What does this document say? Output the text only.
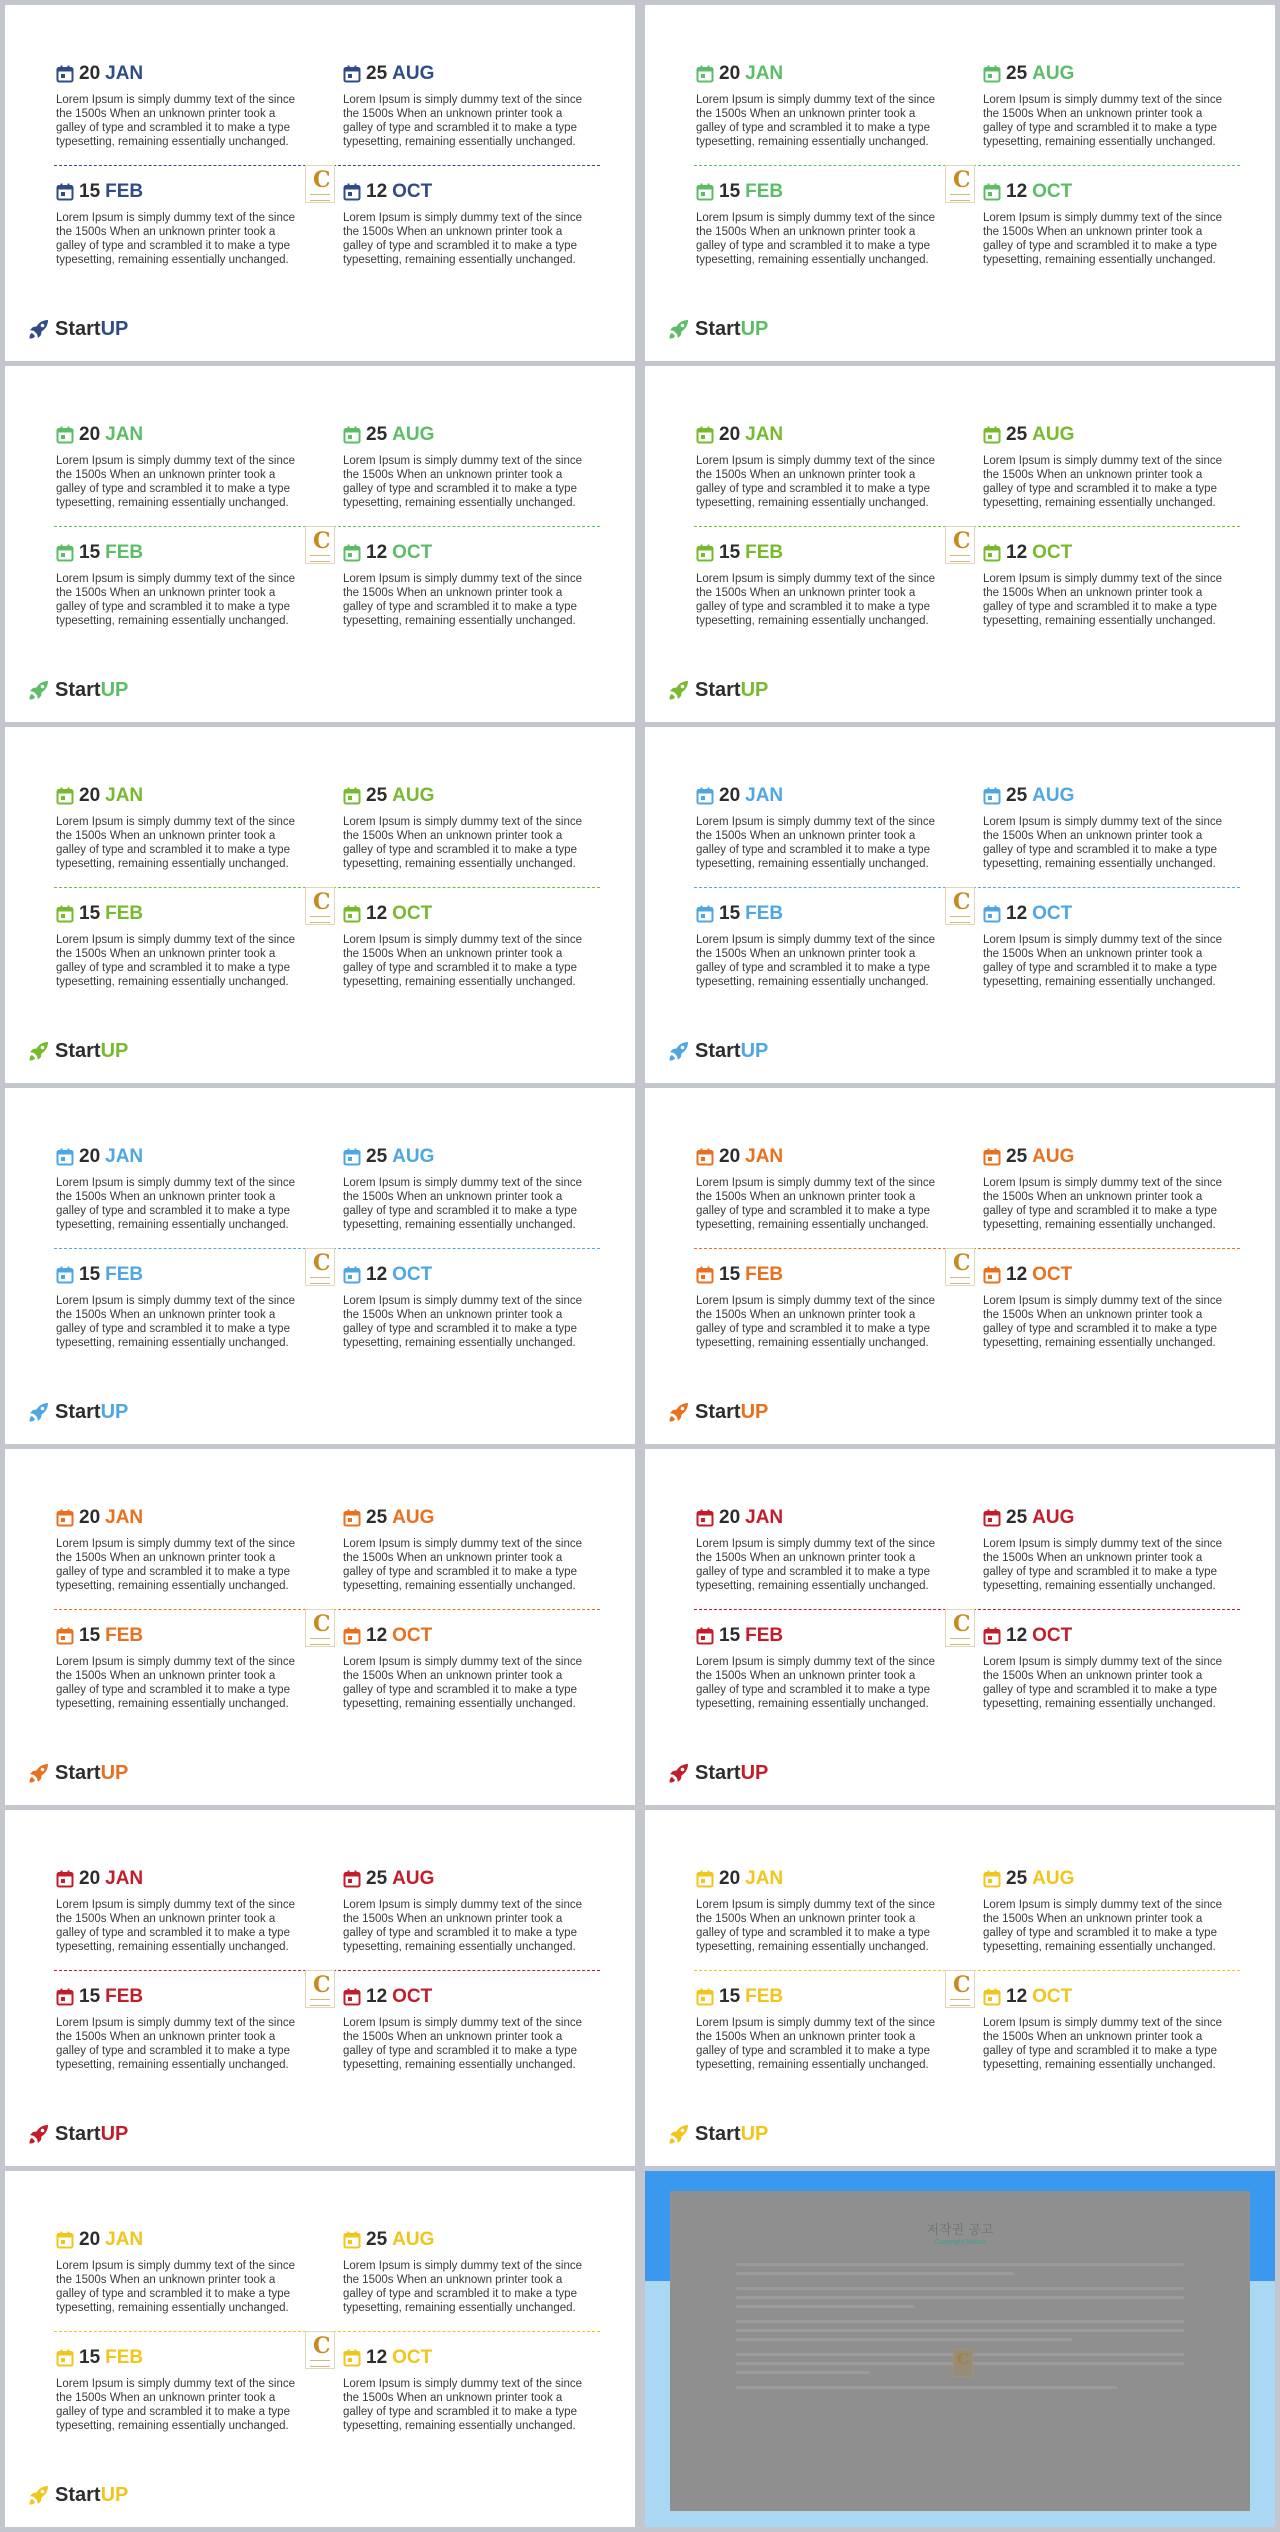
20 JAN
Lorem Ipsum is simply dummy text of the since the 1500s When an unknown printer took a galley of type and scrambled it to make a type typesetting, remaining essentially unchanged.
25 AUG
Lorem Ipsum is simply dummy text of the since the 1500s When an unknown printer took a galley of type and scrambled it to make a type typesetting, remaining essentially unchanged.
C
15 FEB
Lorem Ipsum is simply dummy text of the since the 1500s When an unknown printer took a galley of type and scrambled it to make a type typesetting, remaining essentially unchanged.
12 OCT
Lorem Ipsum is simply dummy text of the since the 1500s When an unknown printer took a galley of type and scrambled it to make a type typesetting, remaining essentially unchanged.
Start UP
20 JAN
Lorem Ipsum is simply dummy text of the since the 1500s When an unknown printer took a galley of type and scrambled it to make a type typesetting, remaining essentially unchanged.
25 AUG
Lorem Ipsum is simply dummy text of the since the 1500s When an unknown printer took a galley of type and scrambled it to make a type typesetting, remaining essentially unchanged.
C
15 FEB
Lorem Ipsum is simply dummy text of the since the 1500s When an unknown printer took a galley of type and scrambled it to make a type typesetting, remaining essentially unchanged.
12 OCT
Lorem Ipsum is simply dummy text of the since the 1500s When an unknown printer took a galley of type and scrambled it to make a type typesetting, remaining essentially unchanged.
Start UP
20 JAN
Lorem Ipsum is simply dummy text of the since the 1500s When an unknown printer took a galley of type and scrambled it to make a type typesetting, remaining essentially unchanged.
25 AUG
Lorem Ipsum is simply dummy text of the since the 1500s When an unknown printer took a galley of type and scrambled it to make a type typesetting, remaining essentially unchanged.
C
15 FEB
Lorem Ipsum is simply dummy text of the since the 1500s When an unknown printer took a galley of type and scrambled it to make a type typesetting, remaining essentially unchanged.
12 OCT
Lorem Ipsum is simply dummy text of the since the 1500s When an unknown printer took a galley of type and scrambled it to make a type typesetting, remaining essentially unchanged.
Start UP
20 JAN
Lorem Ipsum is simply dummy text of the since the 1500s When an unknown printer took a galley of type and scrambled it to make a type typesetting, remaining essentially unchanged.
25 AUG
Lorem Ipsum is simply dummy text of the since the 1500s When an unknown printer took a galley of type and scrambled it to make a type typesetting, remaining essentially unchanged.
C
15 FEB
Lorem Ipsum is simply dummy text of the since the 1500s When an unknown printer took a galley of type and scrambled it to make a type typesetting, remaining essentially unchanged.
12 OCT
Lorem Ipsum is simply dummy text of the since the 1500s When an unknown printer took a galley of type and scrambled it to make a type typesetting, remaining essentially unchanged.
Start UP
20 JAN
Lorem Ipsum is simply dummy text of the since the 1500s When an unknown printer took a galley of type and scrambled it to make a type typesetting, remaining essentially unchanged.
25 AUG
Lorem Ipsum is simply dummy text of the since the 1500s When an unknown printer took a galley of type and scrambled it to make a type typesetting, remaining essentially unchanged.
C
15 FEB
Lorem Ipsum is simply dummy text of the since the 1500s When an unknown printer took a galley of type and scrambled it to make a type typesetting, remaining essentially unchanged.
12 OCT
Lorem Ipsum is simply dummy text of the since the 1500s When an unknown printer took a galley of type and scrambled it to make a type typesetting, remaining essentially unchanged.
Start UP
20 JAN
Lorem Ipsum is simply dummy text of the since the 1500s When an unknown printer took a galley of type and scrambled it to make a type typesetting, remaining essentially unchanged.
25 AUG
Lorem Ipsum is simply dummy text of the since the 1500s When an unknown printer took a galley of type and scrambled it to make a type typesetting, remaining essentially unchanged.
C
15 FEB
Lorem Ipsum is simply dummy text of the since the 1500s When an unknown printer took a galley of type and scrambled it to make a type typesetting, remaining essentially unchanged.
12 OCT
Lorem Ipsum is simply dummy text of the since the 1500s When an unknown printer took a galley of type and scrambled it to make a type typesetting, remaining essentially unchanged.
Start UP
20 JAN
Lorem Ipsum is simply dummy text of the since the 1500s When an unknown printer took a galley of type and scrambled it to make a type typesetting, remaining essentially unchanged.
25 AUG
Lorem Ipsum is simply dummy text of the since the 1500s When an unknown printer took a galley of type and scrambled it to make a type typesetting, remaining essentially unchanged.
C
15 FEB
Lorem Ipsum is simply dummy text of the since the 1500s When an unknown printer took a galley of type and scrambled it to make a type typesetting, remaining essentially unchanged.
12 OCT
Lorem Ipsum is simply dummy text of the since the 1500s When an unknown printer took a galley of type and scrambled it to make a type typesetting, remaining essentially unchanged.
Start UP
20 JAN
Lorem Ipsum is simply dummy text of the since the 1500s When an unknown printer took a galley of type and scrambled it to make a type typesetting, remaining essentially unchanged.
25 AUG
Lorem Ipsum is simply dummy text of the since the 1500s When an unknown printer took a galley of type and scrambled it to make a type typesetting, remaining essentially unchanged.
C
15 FEB
Lorem Ipsum is simply dummy text of the since the 1500s When an unknown printer took a galley of type and scrambled it to make a type typesetting, remaining essentially unchanged.
12 OCT
Lorem Ipsum is simply dummy text of the since the 1500s When an unknown printer took a galley of type and scrambled it to make a type typesetting, remaining essentially unchanged.
Start UP
20 JAN
Lorem Ipsum is simply dummy text of the since the 1500s When an unknown printer took a galley of type and scrambled it to make a type typesetting, remaining essentially unchanged.
25 AUG
Lorem Ipsum is simply dummy text of the since the 1500s When an unknown printer took a galley of type and scrambled it to make a type typesetting, remaining essentially unchanged.
C
15 FEB
Lorem Ipsum is simply dummy text of the since the 1500s When an unknown printer took a galley of type and scrambled it to make a type typesetting, remaining essentially unchanged.
12 OCT
Lorem Ipsum is simply dummy text of the since the 1500s When an unknown printer took a galley of type and scrambled it to make a type typesetting, remaining essentially unchanged.
Start UP
20 JAN
Lorem Ipsum is simply dummy text of the since the 1500s When an unknown printer took a galley of type and scrambled it to make a type typesetting, remaining essentially unchanged.
25 AUG
Lorem Ipsum is simply dummy text of the since the 1500s When an unknown printer took a galley of type and scrambled it to make a type typesetting, remaining essentially unchanged.
C
15 FEB
Lorem Ipsum is simply dummy text of the since the 1500s When an unknown printer took a galley of type and scrambled it to make a type typesetting, remaining essentially unchanged.
12 OCT
Lorem Ipsum is simply dummy text of the since the 1500s When an unknown printer took a galley of type and scrambled it to make a type typesetting, remaining essentially unchanged.
Start UP
20 JAN
Lorem Ipsum is simply dummy text of the since the 1500s When an unknown printer took a galley of type and scrambled it to make a type typesetting, remaining essentially unchanged.
25 AUG
Lorem Ipsum is simply dummy text of the since the 1500s When an unknown printer took a galley of type and scrambled it to make a type typesetting, remaining essentially unchanged.
C
15 FEB
Lorem Ipsum is simply dummy text of the since the 1500s When an unknown printer took a galley of type and scrambled it to make a type typesetting, remaining essentially unchanged.
12 OCT
Lorem Ipsum is simply dummy text of the since the 1500s When an unknown printer took a galley of type and scrambled it to make a type typesetting, remaining essentially unchanged.
Start UP
20 JAN
Lorem Ipsum is simply dummy text of the since the 1500s When an unknown printer took a galley of type and scrambled it to make a type typesetting, remaining essentially unchanged.
25 AUG
Lorem Ipsum is simply dummy text of the since the 1500s When an unknown printer took a galley of type and scrambled it to make a type typesetting, remaining essentially unchanged.
C
15 FEB
Lorem Ipsum is simply dummy text of the since the 1500s When an unknown printer took a galley of type and scrambled it to make a type typesetting, remaining essentially unchanged.
12 OCT
Lorem Ipsum is simply dummy text of the since the 1500s When an unknown printer took a galley of type and scrambled it to make a type typesetting, remaining essentially unchanged.
Start UP
20 JAN
Lorem Ipsum is simply dummy text of the since the 1500s When an unknown printer took a galley of type and scrambled it to make a type typesetting, remaining essentially unchanged.
25 AUG
Lorem Ipsum is simply dummy text of the since the 1500s When an unknown printer took a galley of type and scrambled it to make a type typesetting, remaining essentially unchanged.
C
15 FEB
Lorem Ipsum is simply dummy text of the since the 1500s When an unknown printer took a galley of type and scrambled it to make a type typesetting, remaining essentially unchanged.
12 OCT
Lorem Ipsum is simply dummy text of the since the 1500s When an unknown printer took a galley of type and scrambled it to make a type typesetting, remaining essentially unchanged.
Start UP
저작권 공고
Copyright Notice
C
